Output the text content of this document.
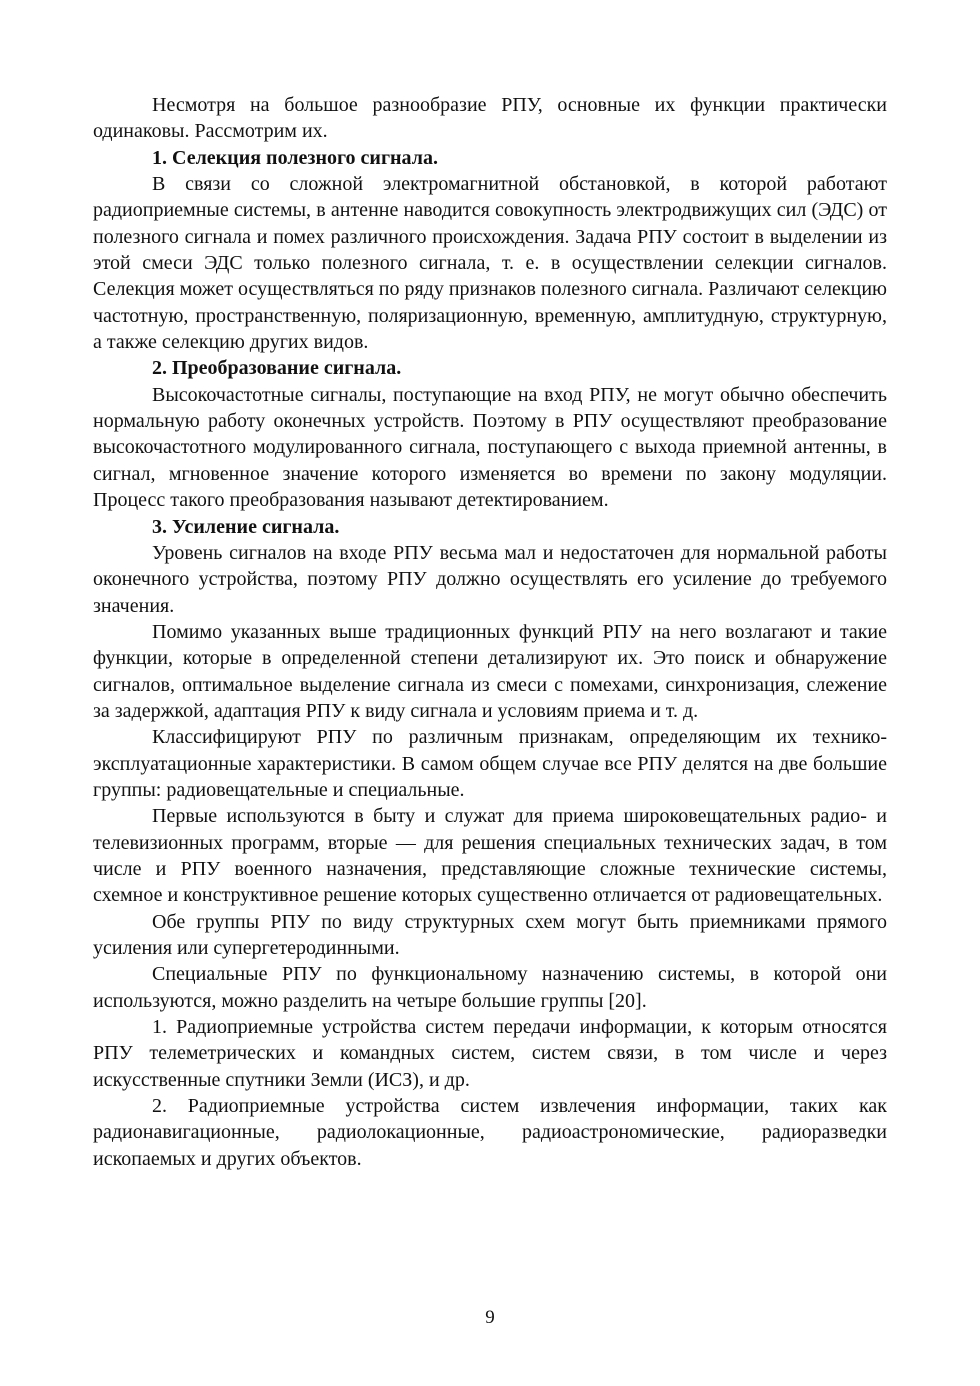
Несмотря на большое разнообразие РПУ, основные их функции практически одинаковы. Рассмотрим их.

1. Селекция полезного сигнала.

В связи со сложной электромагнитной обстановкой, в которой работают радиоприемные системы, в антенне наводится совокупность электродвижущих сил (ЭДС) от полезного сигнала и помех различного происхождения. Задача РПУ состоит в выделении из этой смеси ЭДС только полезного сигнала, т. е. в осуществлении селекции сигналов. Селекция может осуществляться по ряду признаков полезного сигнала. Различают селекцию частотную, пространственную, поляризационную, временную, амплитудную, структурную, а также селекцию других видов.

2. Преобразование сигнала.

Высокочастотные сигналы, поступающие на вход РПУ, не могут обычно обеспечить нормальную работу оконечных устройств. Поэтому в РПУ осуществляют преобразование высокочастотного модулированного сигнала, поступающего с выхода приемной антенны, в сигнал, мгновенное значение которого изменяется во времени по закону модуляции. Процесс такого преобразования называют детектированием.

3. Усиление сигнала.

Уровень сигналов на входе РПУ весьма мал и недостаточен для нормальной работы оконечного устройства, поэтому РПУ должно осуществлять его усиление до требуемого значения.

Помимо указанных выше традиционных функций РПУ на него возлагают и такие функции, которые в определенной степени детализируют их. Это поиск и обнаружение сигналов, оптимальное выделение сигнала из смеси с помехами, синхронизация, слежение за задержкой, адаптация РПУ к виду сигнала и условиям приема и т. д.

Классифицируют РПУ по различным признакам, определяющим их технико-эксплуатационные характеристики. В самом общем случае все РПУ делятся на две большие группы: радиовещательные и специальные.

Первые используются в быту и служат для приема широковещательных радио- и телевизионных программ, вторые — для решения специальных технических задач, в том числе и РПУ военного назначения, представляющие сложные технические системы, схемное и конструктивное решение которых существенно отличается от радиовещательных.

Обе группы РПУ по виду структурных схем могут быть приемниками прямого усиления или супергетеродинными.

Специальные РПУ по функциональному назначению системы, в которой они используются, можно разделить на четыре большие группы [20].

1. Радиоприемные устройства систем передачи информации, к которым относятся РПУ телеметрических и командных систем, систем связи, в том числе и через искусственные спутники Земли (ИСЗ), и др.

2. Радиоприемные устройства систем извлечения информации, таких как радионавигационные, радиолокационные, радиоастрономические, радиоразведки ископаемых и других объектов.

9
